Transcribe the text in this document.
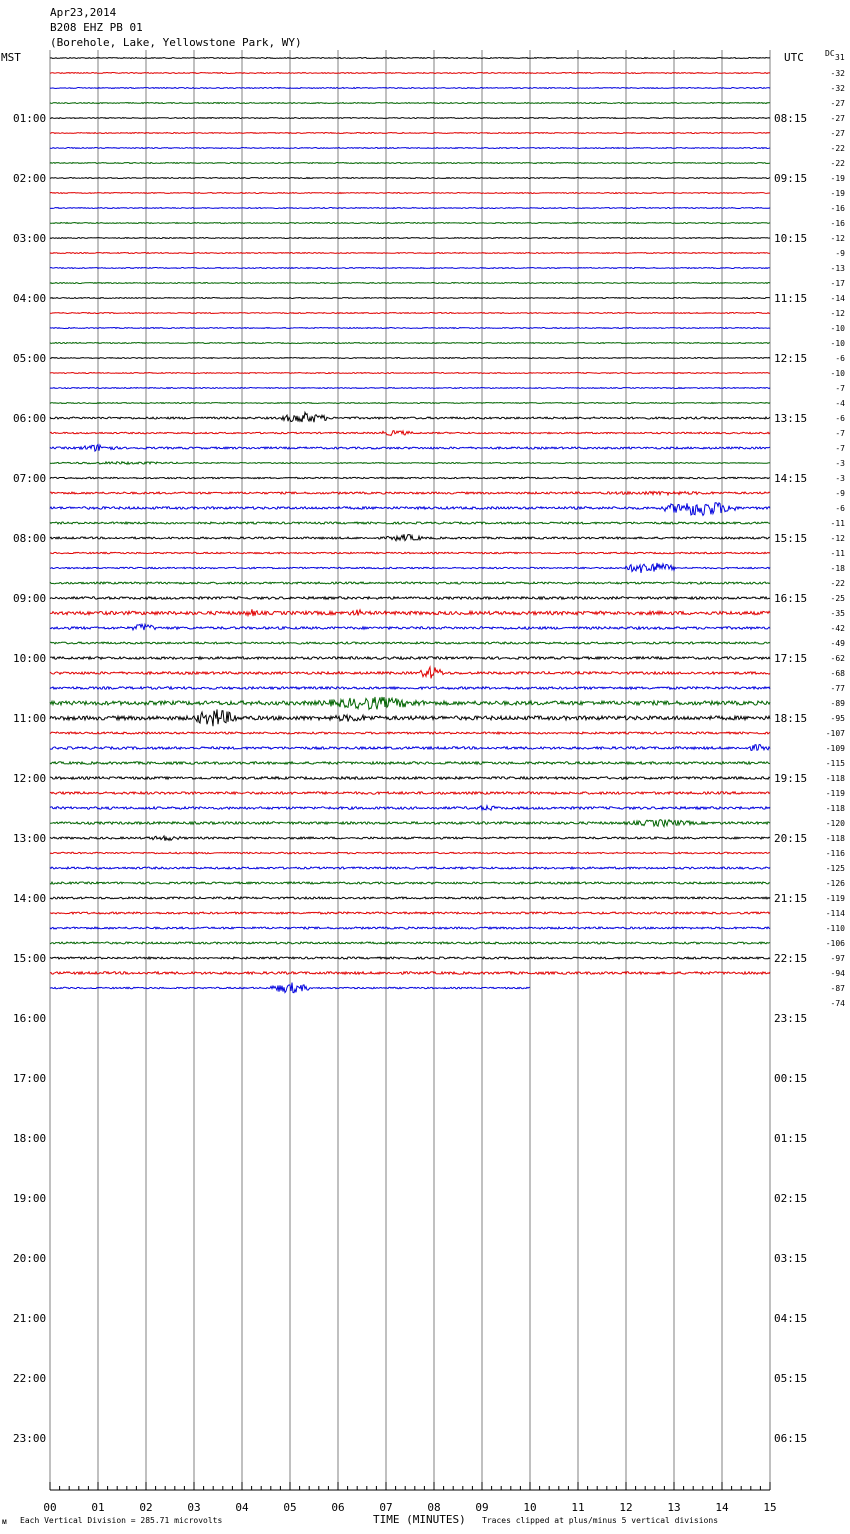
Apr23,2014
B208 EHZ PB 01
(Borehole, Lake, Yellowstone Park, WY)
MST	UTC	DC 31
01:00	08:15
02:00	09:15
03:00	10:15
04:00	11:15
05:00	12:15
06:00	13:15
07:00	14:15
08:00	15:15
09:00	16:15
10:00	17:15
11:00	18:15
12:00	19:15
13:00	20:15
14:00	21:15
15:00	22:15
16:00	23:15
17:00	00:15
18:00	01:15
19:00	02:15
20:00	03:15
21:00	04:15
22:00	05:15
23:00	06:15
-32
-32
-27
-27
-27
-22
-22
-19
-19
-16
-16
-12
-9
-13
-17
-14
-12
-10
-10
-6
-10
-7
-4
-6
-7
-7
-3
-3
-9
-6
-11
-12
-11
-18
-22
-25
-35
-42
-49
-62
-68
-77
-89
-95
-107
-109
-115
-118
-119
-118
-120
-118
-116
-125
-126
-119
-114
-110
-106
-97
-94
-87
-74
00	01	02	03	04	05	06	07	08	09	10	11	12	13	14	15
ᴍ Each Vertical Division = 285.71 microvolts	TIME (MINUTES) Traces clipped at plus/minus 5 vertical divisions
